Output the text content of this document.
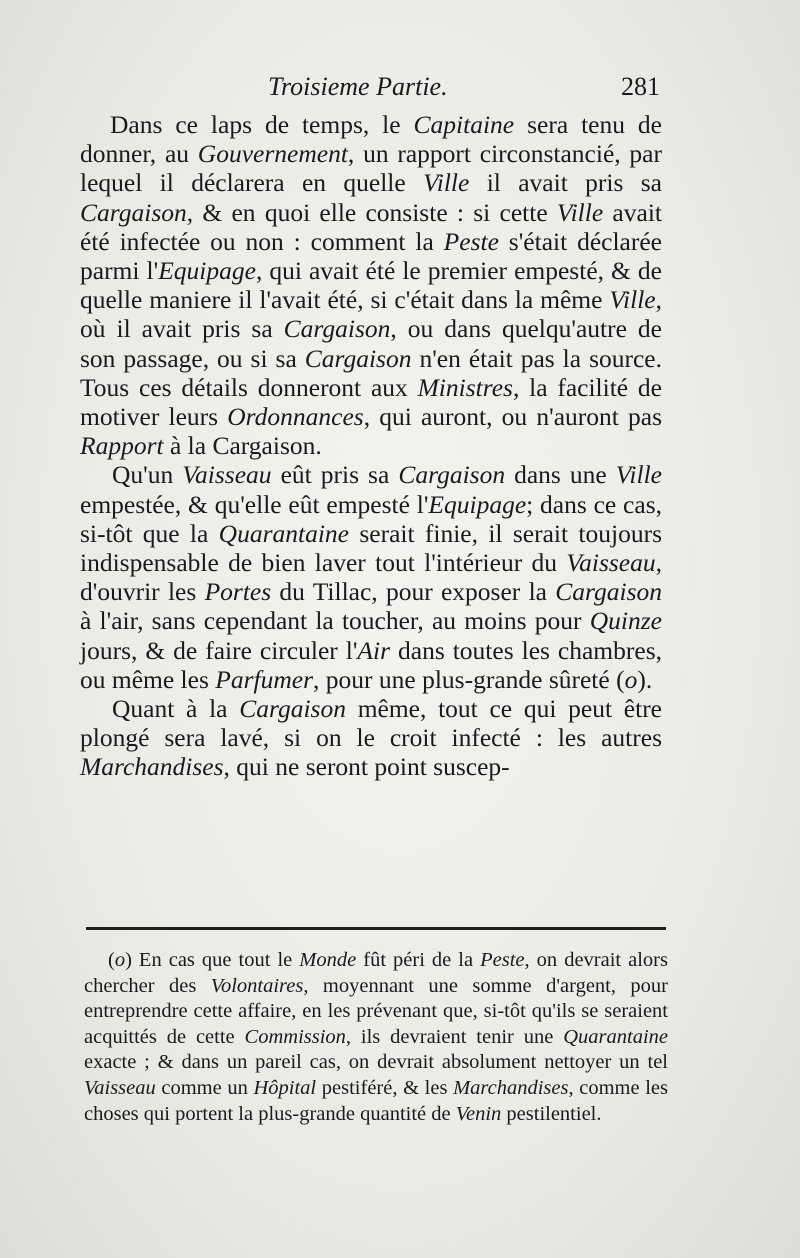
Troisieme Partie.	281

Dans ce laps de temps, le Capitaine sera tenu de donner, au Gouvernement, un rapport circonstancié, par lequel il déclarera en quelle Ville il avait pris sa Cargaison, & en quoi elle consiste : si cette Ville avait été infectée ou non : comment la Peste s'était déclarée parmi l'Equipage, qui avait été le premier empesté, & de quelle maniere il l'avait été, si c'était dans la même Ville, où il avait pris sa Cargaison, ou dans quelqu'autre de son passage, ou si sa Cargaison n'en était pas la source. Tous ces détails donneront aux Ministres, la facilité de motiver leurs Ordonnances, qui auront, ou n'auront pas Rapport à la Cargaison.

Qu'un Vaisseau eût pris sa Cargaison dans une Ville empestée, & qu'elle eût empesté l'Equipage; dans ce cas, si-tôt que la Quarantaine serait finie, il serait toujours indispensable de bien laver tout l'intérieur du Vaisseau, d'ouvrir les Portes du Tillac, pour exposer la Cargaison à l'air, sans cependant la toucher, au moins pour Quinze jours, & de faire circuler l'Air dans toutes les chambres, ou même les Parfumer, pour une plus-grande sûreté (o).

Quant à la Cargaison même, tout ce qui peut être plongé sera lavé, si on le croit infecté : les autres Marchandises, qui ne seront point suscep-

(o) En cas que tout le Monde fût péri de la Peste, on devrait alors chercher des Volontaires, moyennant une somme d'argent, pour entreprendre cette affaire, en les prévenant que, si-tôt qu'ils se seraient acquittés de cette Commission, ils devraient tenir une Quarantaine exacte ; & dans un pareil cas, on devrait absolument nettoyer un tel Vaisseau comme un Hôpital pestiféré, & les Marchandises, comme les choses qui portent la plus-grande quantité de Venin pestilentiel.
